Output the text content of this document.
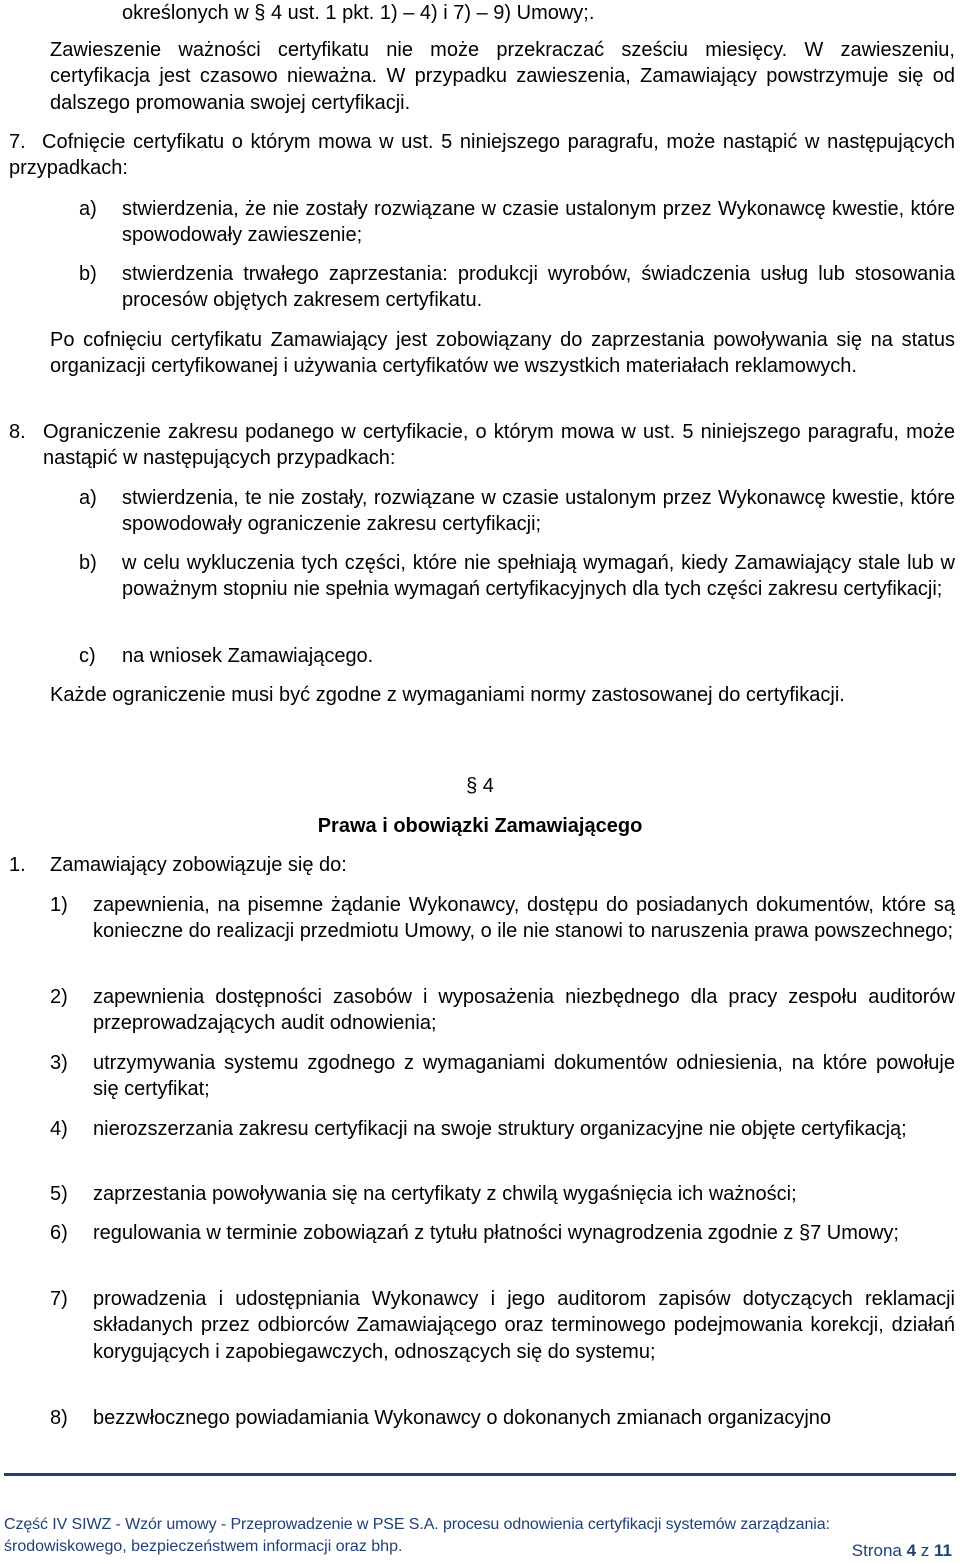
określonych w § 4 ust. 1 pkt. 1) – 4) i 7) – 9) Umowy;.
Zawieszenie ważności certyfikatu nie może przekraczać sześciu miesięcy. W zawieszeniu, certyfikacja jest czasowo nieważna. W przypadku zawieszenia, Zamawiający powstrzymuje się od dalszego promowania swojej certyfikacji.
7. Cofnięcie certyfikatu o którym mowa w ust. 5 niniejszego paragrafu, może nastąpić w następujących przypadkach:
a) stwierdzenia, że nie zostały rozwiązane w czasie ustalonym przez Wykonawcę kwestie, które spowodowały zawieszenie;
b) stwierdzenia trwałego zaprzestania: produkcji wyrobów, świadczenia usług lub stosowania procesów objętych zakresem certyfikatu.
Po cofnięciu certyfikatu Zamawiający jest zobowiązany do zaprzestania powoływania się na status organizacji certyfikowanej i używania certyfikatów we wszystkich materiałach reklamowych.
8. Ograniczenie zakresu podanego w certyfikacie, o którym mowa w ust. 5 niniejszego paragrafu, może nastąpić w następujących przypadkach:
a) stwierdzenia, te nie zostały, rozwiązane w czasie ustalonym przez Wykonawcę kwestie, które spowodowały ograniczenie zakresu certyfikacji;
b) w celu wykluczenia tych części, które nie spełniają wymagań, kiedy Zamawiający stale lub w poważnym stopniu nie spełnia wymagań certyfikacyjnych dla tych części zakresu certyfikacji;
c) na wniosek Zamawiającego.
Każde ograniczenie musi być zgodne z wymaganiami normy zastosowanej do certyfikacji.
§ 4
Prawa i obowiązki Zamawiającego
1. Zamawiający zobowiązuje się do:
1) zapewnienia, na pisemne żądanie Wykonawcy, dostępu do posiadanych dokumentów, które są konieczne do realizacji przedmiotu Umowy, o ile nie stanowi to naruszenia prawa powszechnego;
2) zapewnienia dostępności zasobów i wyposażenia niezbędnego dla pracy zespołu auditorów przeprowadzających audit odnowienia;
3) utrzymywania systemu zgodnego z wymaganiami dokumentów odniesienia, na które powołuje się certyfikat;
4) nierozszerzania zakresu certyfikacji na swoje struktury organizacyjne nie objęte certyfikacją;
5) zaprzestania powoływania się na certyfikaty z chwilą wygaśnięcia ich ważności;
6) regulowania w terminie zobowiązań z tytułu płatności wynagrodzenia zgodnie z §7 Umowy;
7) prowadzenia i udostępniania Wykonawcy i jego auditorom zapisów dotyczących reklamacji składanych przez odbiorców Zamawiającego oraz terminowego podejmowania korekcji, działań korygujących i zapobiegawczych, odnoszących się do systemu;
8) bezzwłocznego powiadamiania Wykonawcy o dokonanych zmianach organizacyjno
Część IV SIWZ - Wzór umowy - Przeprowadzenie w PSE S.A. procesu odnowienia certyfikacji systemów zarządzania:
środowiskowego, bezpieczeństwem informacji oraz bhp.	Strona 4 z 11
